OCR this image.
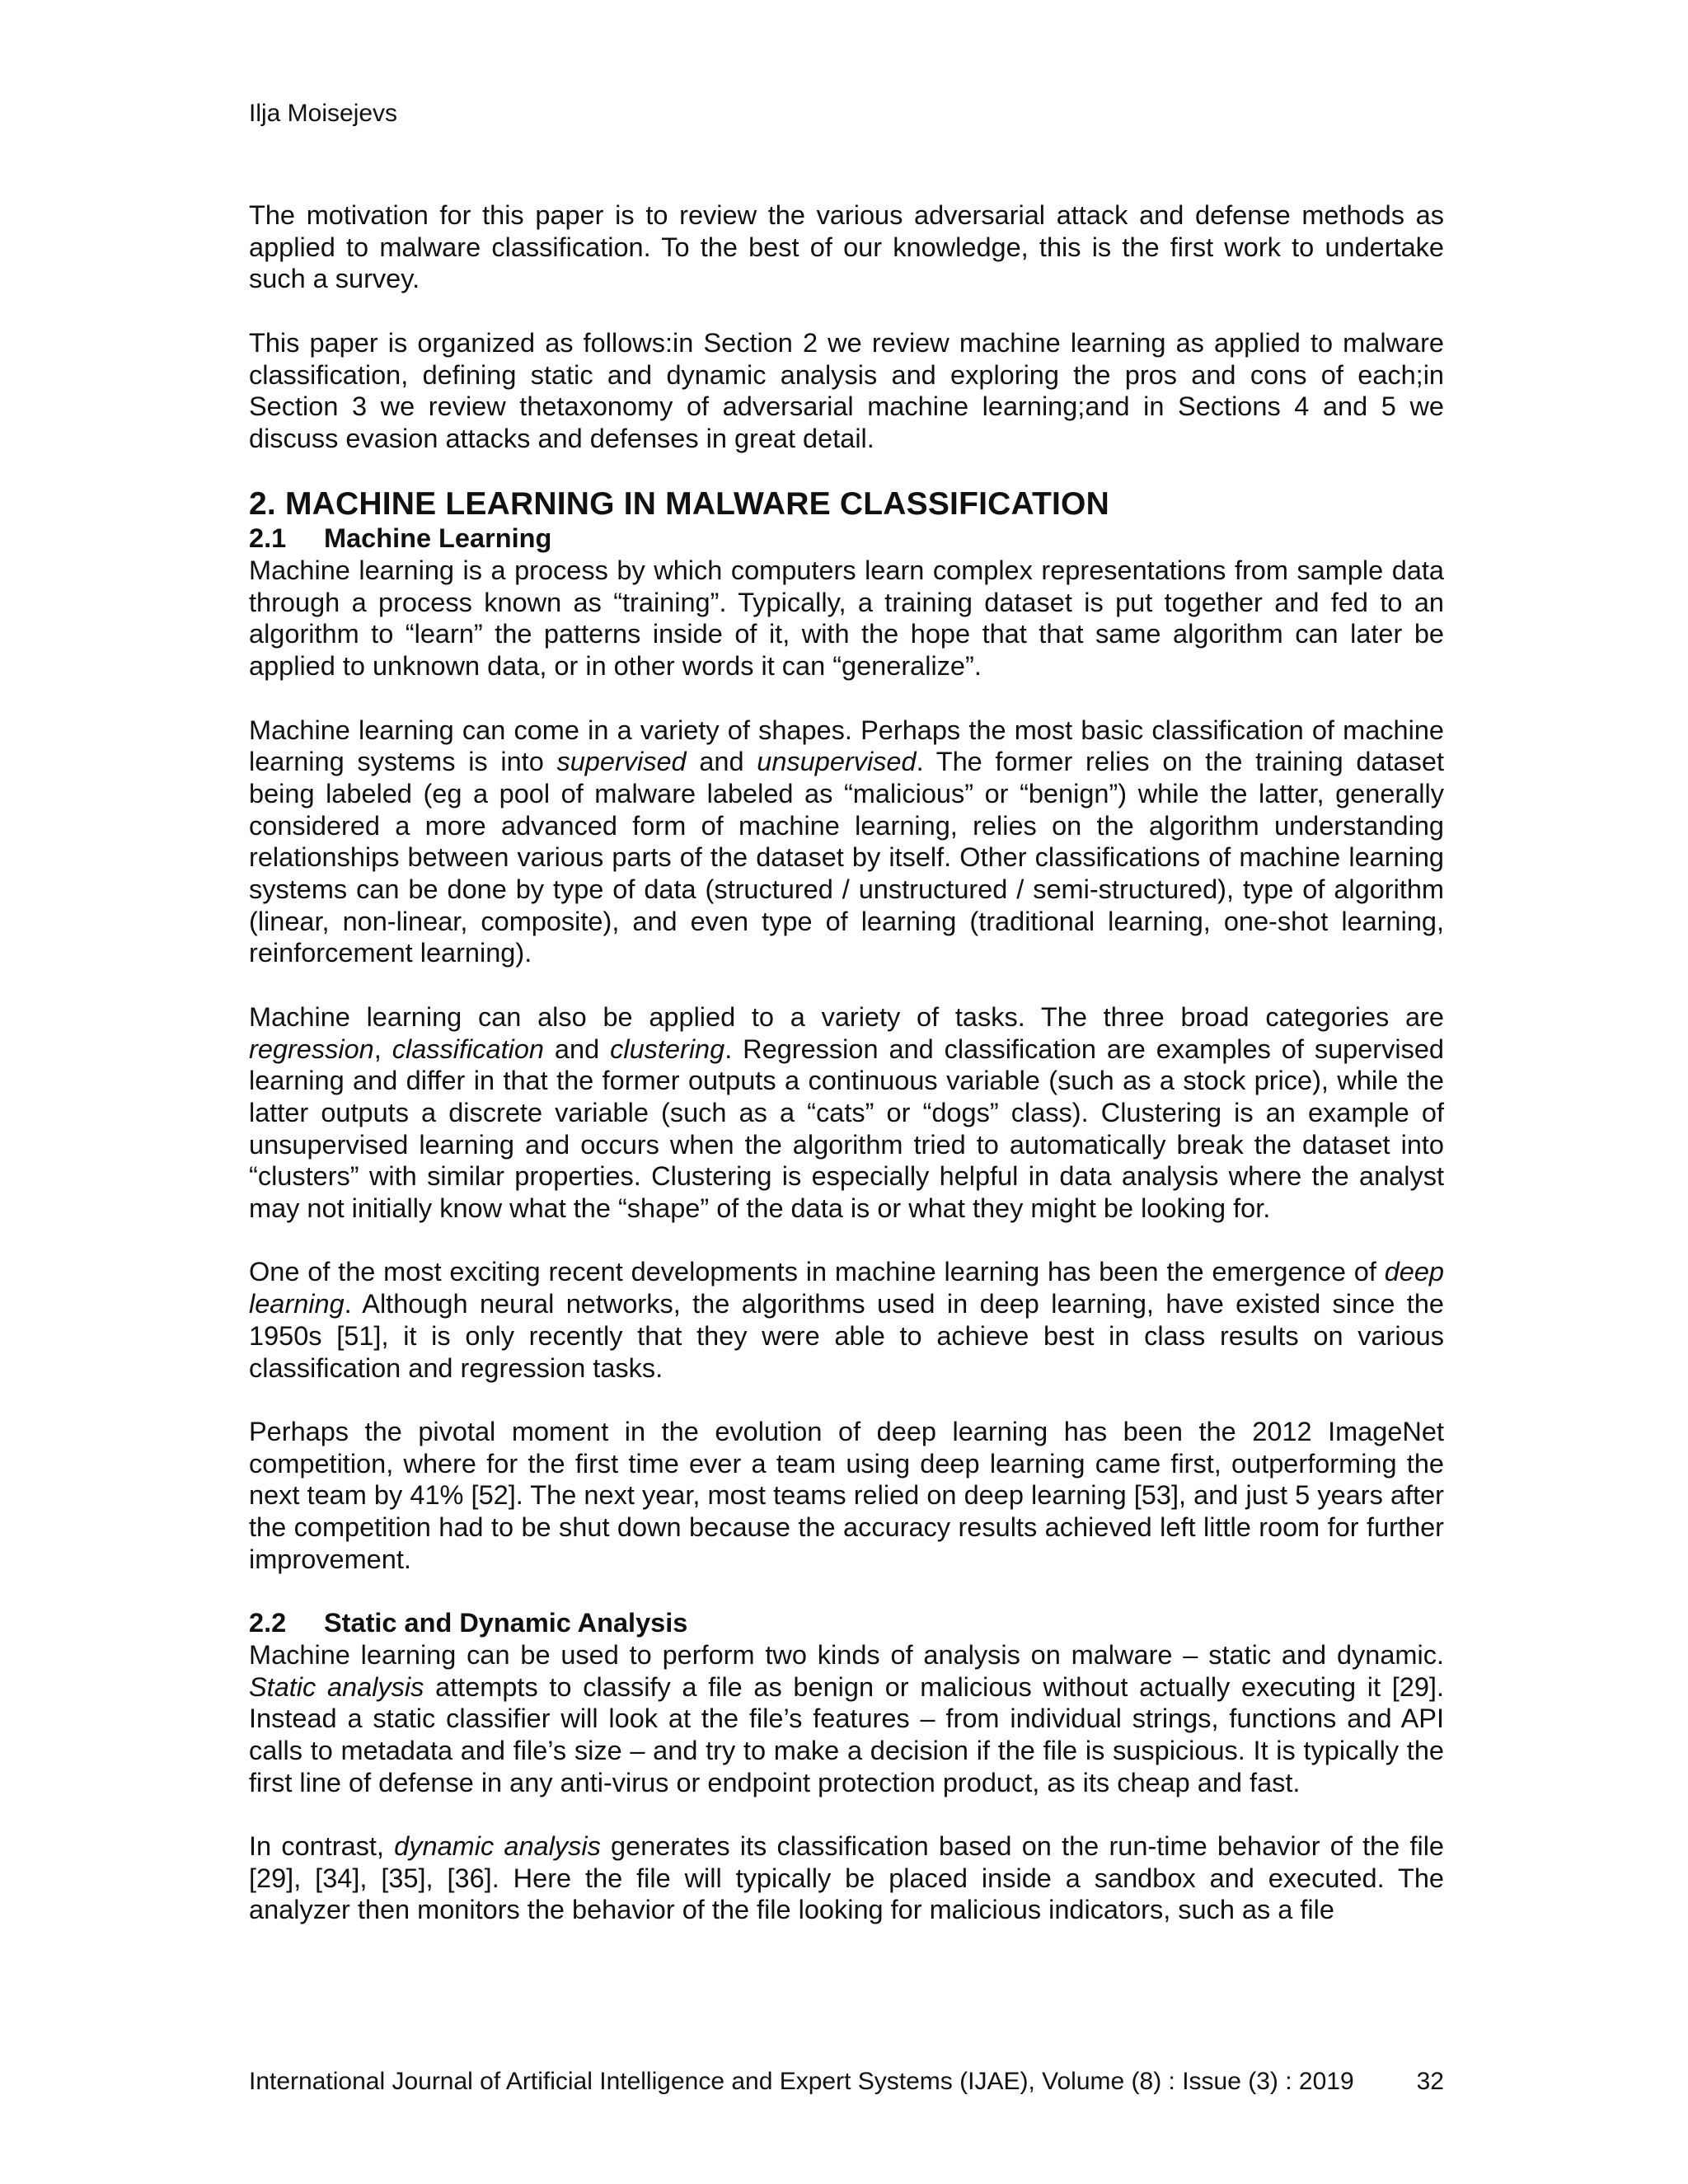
Ilja Moisejevs

The motivation for this paper is to review the various adversarial attack and defense methods as applied to malware classification. To the best of our knowledge, this is the first work to undertake such a survey.

This paper is organized as follows:in Section 2 we review machine learning as applied to malware classification, defining static and dynamic analysis and exploring the pros and cons of each;in Section 3 we review thetaxonomy of adversarial machine learning;and in Sections 4 and 5 we discuss evasion attacks and defenses in great detail.

2. MACHINE LEARNING IN MALWARE CLASSIFICATION
2.1 Machine Learning

Machine learning is a process by which computers learn complex representations from sample data through a process known as “training”. Typically, a training dataset is put together and fed to an algorithm to “learn” the patterns inside of it, with the hope that that same algorithm can later be applied to unknown data, or in other words it can “generalize”.

Machine learning can come in a variety of shapes. Perhaps the most basic classification of machine learning systems is into supervised and unsupervised. The former relies on the training dataset being labeled (eg a pool of malware labeled as “malicious” or “benign”) while the latter, generally considered a more advanced form of machine learning, relies on the algorithm understanding relationships between various parts of the dataset by itself. Other classifications of machine learning systems can be done by type of data (structured / unstructured / semi-structured), type of algorithm (linear, non-linear, composite), and even type of learning (traditional learning, one-shot learning, reinforcement learning).

Machine learning can also be applied to a variety of tasks. The three broad categories are regression, classification and clustering. Regression and classification are examples of supervised learning and differ in that the former outputs a continuous variable (such as a stock price), while the latter outputs a discrete variable (such as a “cats” or “dogs” class). Clustering is an example of unsupervised learning and occurs when the algorithm tried to automatically break the dataset into “clusters” with similar properties. Clustering is especially helpful in data analysis where the analyst may not initially know what the “shape” of the data is or what they might be looking for.

One of the most exciting recent developments in machine learning has been the emergence of deep learning. Although neural networks, the algorithms used in deep learning, have existed since the 1950s [51], it is only recently that they were able to achieve best in class results on various classification and regression tasks.

Perhaps the pivotal moment in the evolution of deep learning has been the 2012 ImageNet competition, where for the first time ever a team using deep learning came first, outperforming the next team by 41% [52]. The next year, most teams relied on deep learning [53], and just 5 years after the competition had to be shut down because the accuracy results achieved left little room for further improvement.

2.2 Static and Dynamic Analysis

Machine learning can be used to perform two kinds of analysis on malware – static and dynamic. Static analysis attempts to classify a file as benign or malicious without actually executing it [29]. Instead a static classifier will look at the file’s features – from individual strings, functions and API calls to metadata and file’s size – and try to make a decision if the file is suspicious. It is typically the first line of defense in any anti-virus or endpoint protection product, as its cheap and fast.

In contrast, dynamic analysis generates its classification based on the run-time behavior of the file [29], [34], [35], [36]. Here the file will typically be placed inside a sandbox and executed. The analyzer then monitors the behavior of the file looking for malicious indicators, such as a file

International Journal of Artificial Intelligence and Expert Systems (IJAE), Volume (8) : Issue (3) : 2019	32
